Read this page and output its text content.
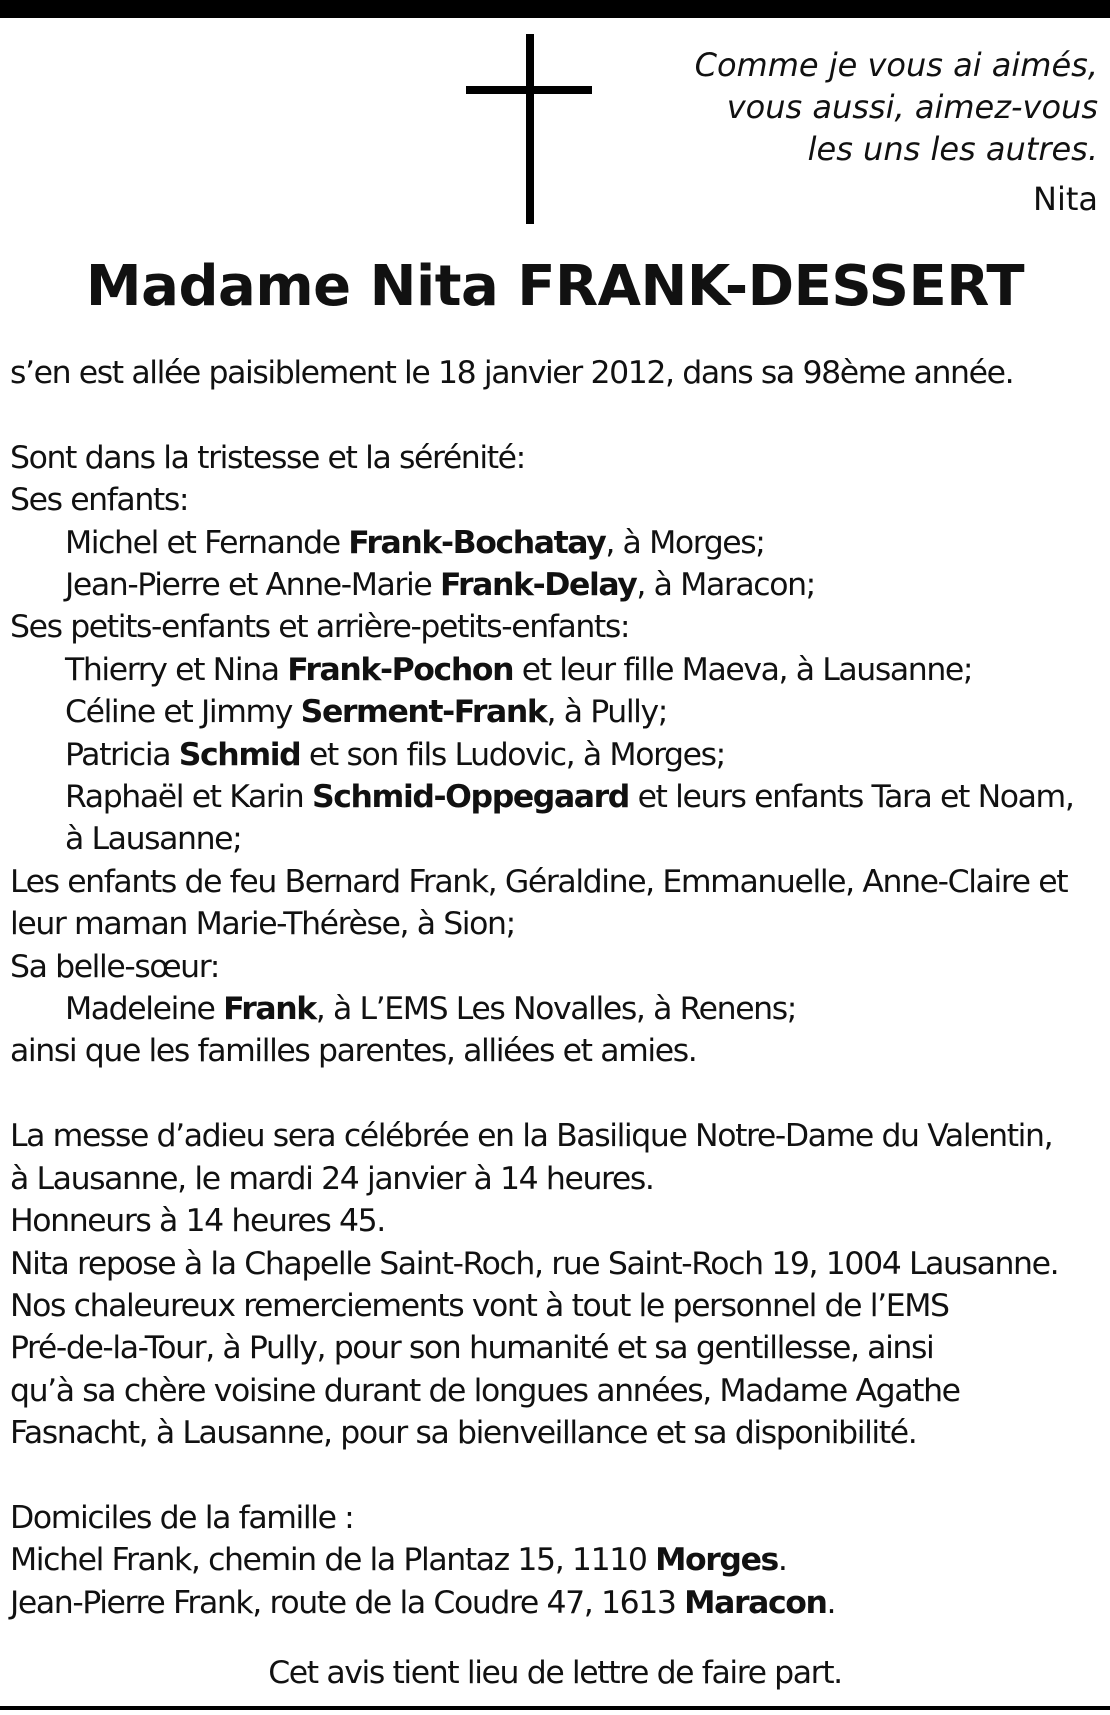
Comme je vous ai aimés,
vous aussi, aimez-vous
les uns les autres.
Nita
Madame Nita FRANK-DESSERT
s’en est allée paisiblement le 18 janvier 2012, dans sa 98ème année.
Sont dans la tristesse et la sérénité:
Ses enfants:
Michel et Fernande Frank-Bochatay, à Morges;
Jean-Pierre et Anne-Marie Frank-Delay, à Maracon;
Ses petits-enfants et arrière-petits-enfants:
Thierry et Nina Frank-Pochon et leur fille Maeva, à Lausanne;
Céline et Jimmy Serment-Frank, à Pully;
Patricia Schmid et son fils Ludovic, à Morges;
Raphaël et Karin Schmid-Oppegaard et leurs enfants Tara et Noam,
à Lausanne;
Les enfants de feu Bernard Frank, Géraldine, Emmanuelle, Anne-Claire et
leur maman Marie-Thérèse, à Sion;
Sa belle-sœur:
Madeleine Frank, à L’EMS Les Novalles, à Renens;
ainsi que les familles parentes, alliées et amies.
La messe d’adieu sera célébrée en la Basilique Notre-Dame du Valentin,
à Lausanne, le mardi 24 janvier à 14 heures.
Honneurs à 14 heures 45.
Nita repose à la Chapelle Saint-Roch, rue Saint-Roch 19, 1004 Lausanne.
Nos chaleureux remerciements vont à tout le personnel de l’EMS
Pré-de-la-Tour, à Pully, pour son humanité et sa gentillesse, ainsi
qu’à sa chère voisine durant de longues années, Madame Agathe
Fasnacht, à Lausanne, pour sa bienveillance et sa disponibilité.
Domiciles de la famille :
Michel Frank, chemin de la Plantaz 15, 1110 Morges.
Jean-Pierre Frank, route de la Coudre 47, 1613 Maracon.
Cet avis tient lieu de lettre de faire part.
